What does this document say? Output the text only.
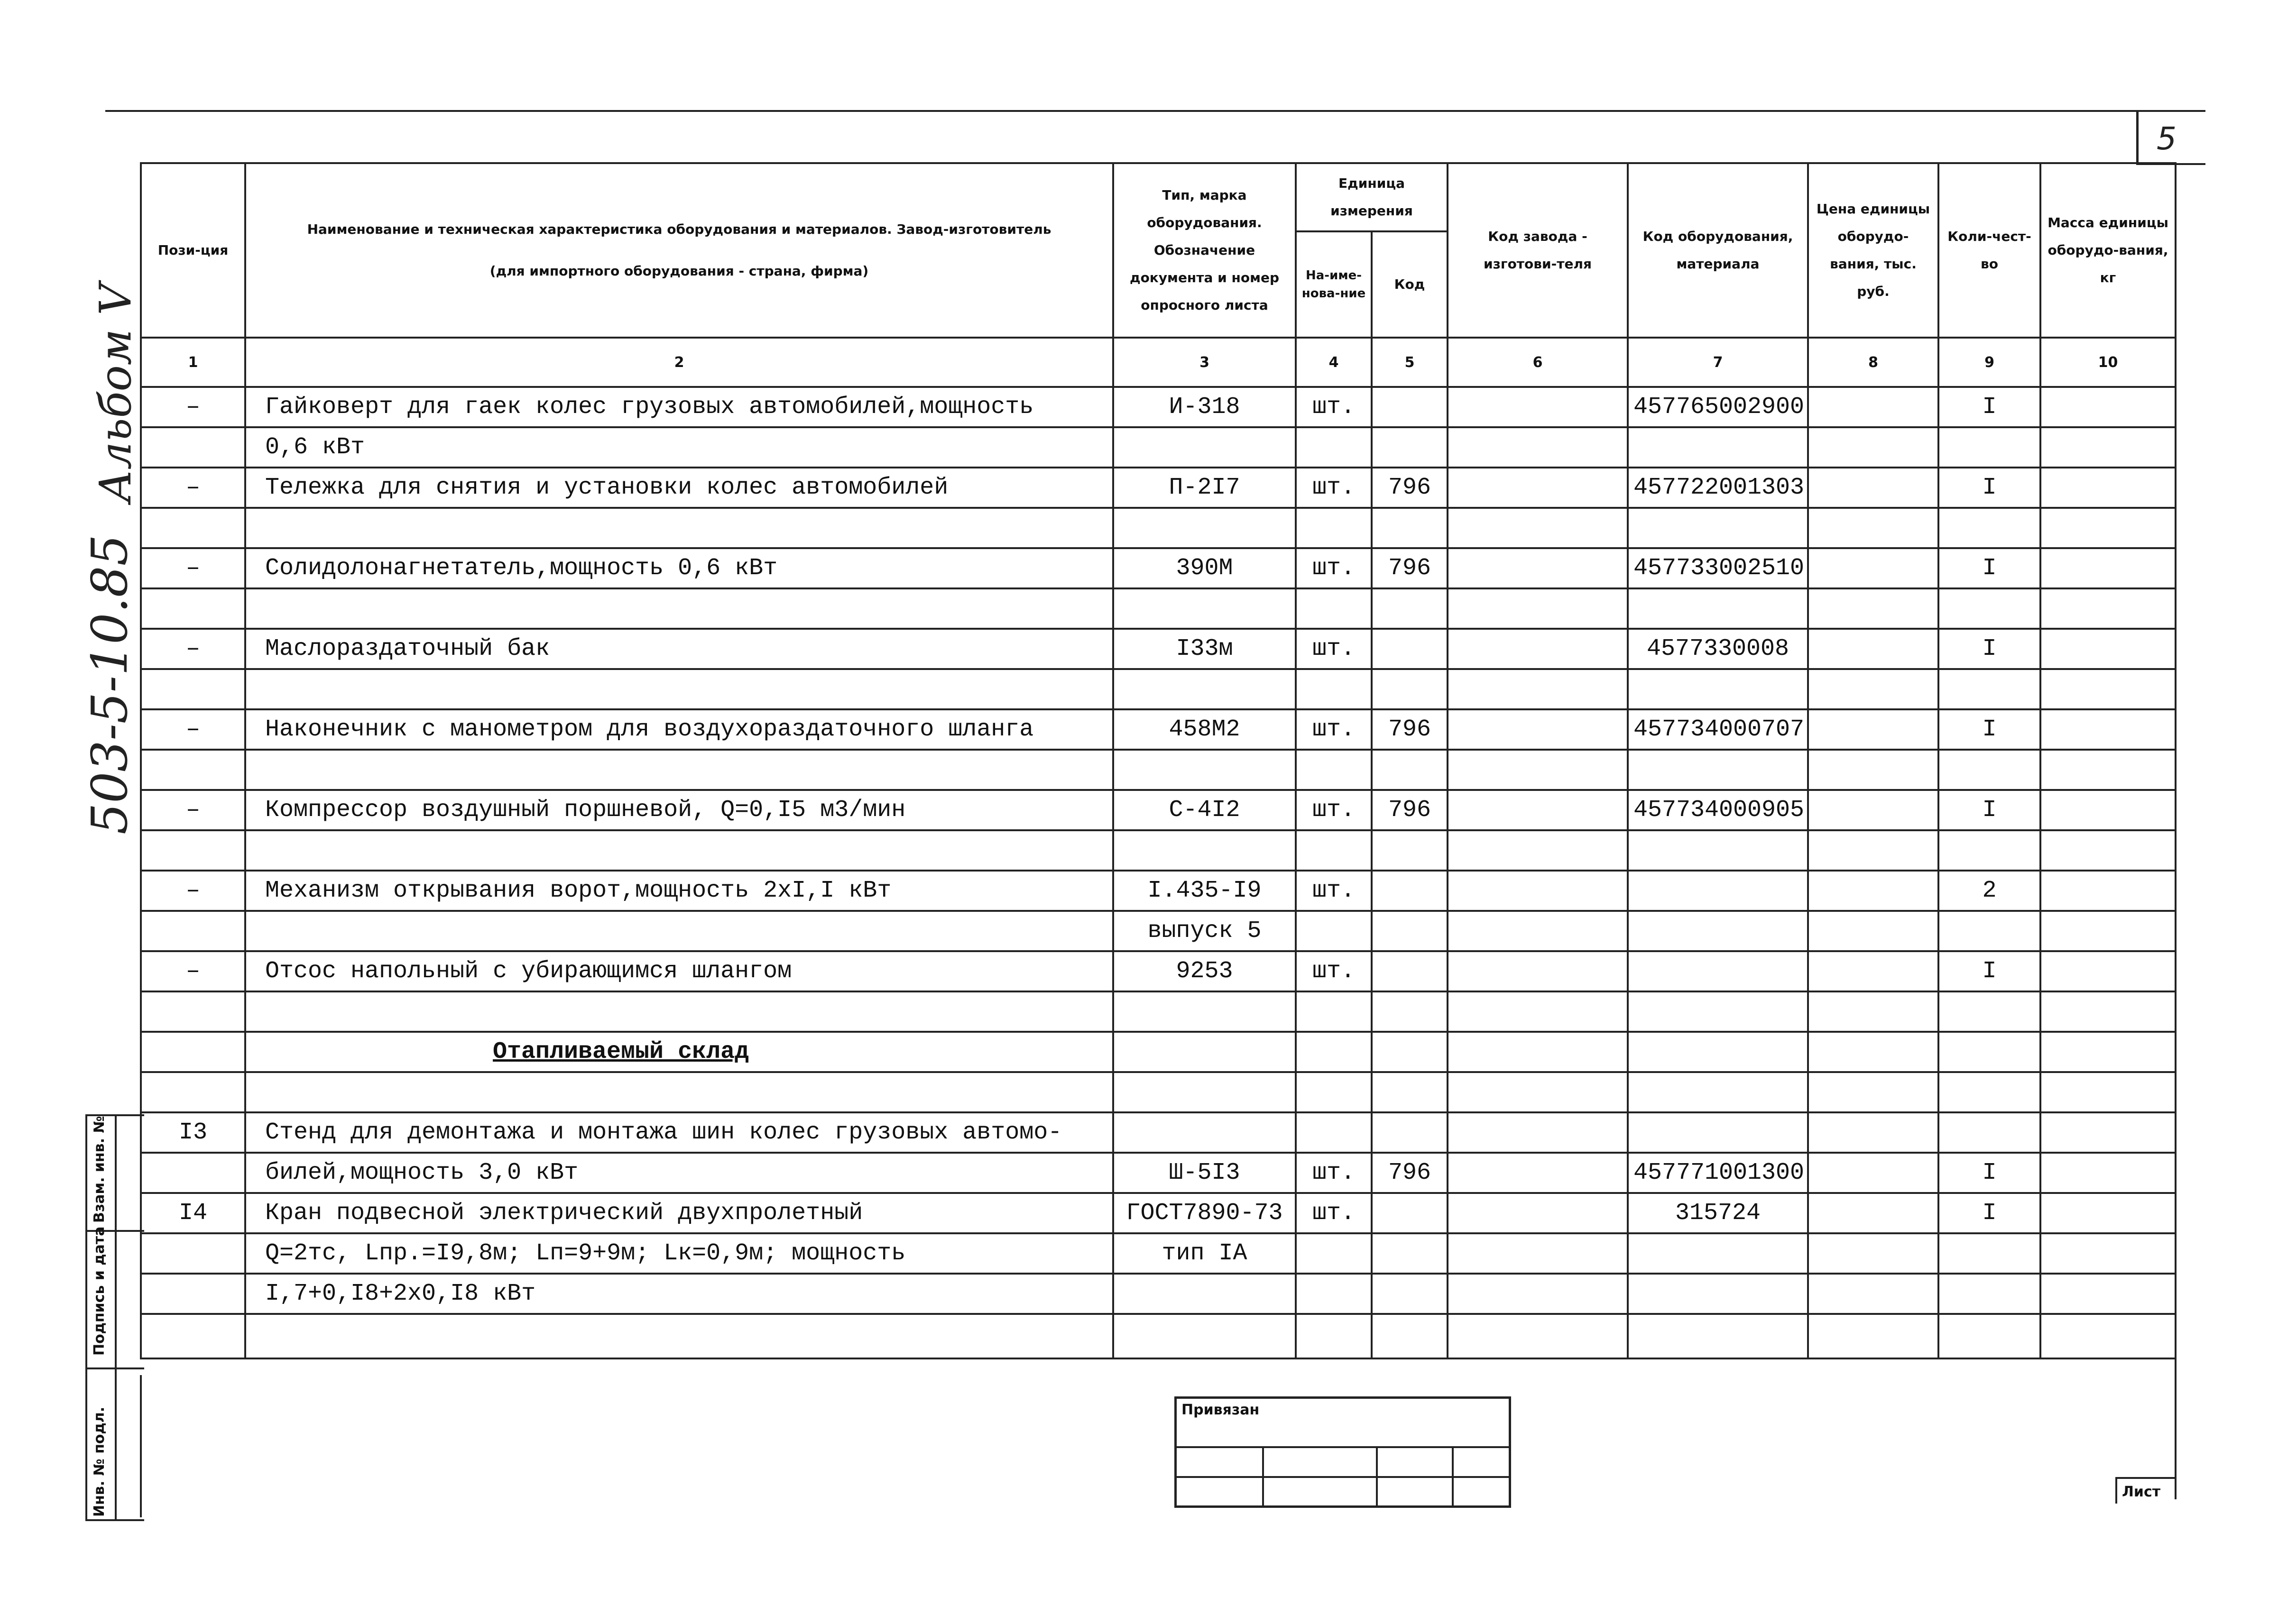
5
Альбом V
503-5-10.85
Взам. инв. №
Подпись и дата
Инв. № подл.
Пози-ция	Наименование и техническая характеристика оборудования и материалов. Завод-изготовитель (для импортного оборудования - страна, фирма)	Тип, марка оборудования. Обозначение документа и номер опросного листа	Единица измерения		Код завода - изготови-теля	Код оборудования, материала	Цена единицы оборудо-вания, тыс. руб.	Коли-чест-во	Масса единицы оборудо-вания, кг
			На-име-нова-ние	Код					
1	2	3	4	5	6	7	8	9	10
–	Гайковерт для гаек колес грузовых автомобилей,мощность	И-318	шт.			457765002900		I	
	0,6 кВт								
–	Тележка для снятия и установки колес автомобилей	П-2I7	шт.	796		457722001303		I	

–	Солидолонагнетатель,мощность 0,6 кВт	390М	шт.	796		457733002510		I	

–	Маслораздаточный бак	I33м	шт.			4577330008		I	

–	Наконечник с манометром для воздухораздаточного шланга	458М2	шт.	796		457734000707		I	

–	Компрессор воздушный поршневой, Q=0,I5 м3/мин	С-4I2	шт.	796		457734000905		I	

–	Механизм открывания ворот,мощность 2хI,I кВт	I.435-I9	шт.					2	
		выпуск 5							
–	Отсос напольный с убирающимся шлангом	9253	шт.					I	

	Отапливаемый склад								

I3	Стенд для демонтажа и монтажа шин колес грузовых автомо-								
	билей,мощность 3,0 кВт	Ш-5I3	шт.	796		457771001300		I	
I4	Кран подвесной электрический двухпролетный	ГОСТ7890-73	шт.			315724		I	
	Q=2тс, Lпр.=I9,8м; Lп=9+9м; Lк=0,9м; мощность	тип IА							
	I,7+0,I8+2х0,I8 кВт								

Привязан
Лист
